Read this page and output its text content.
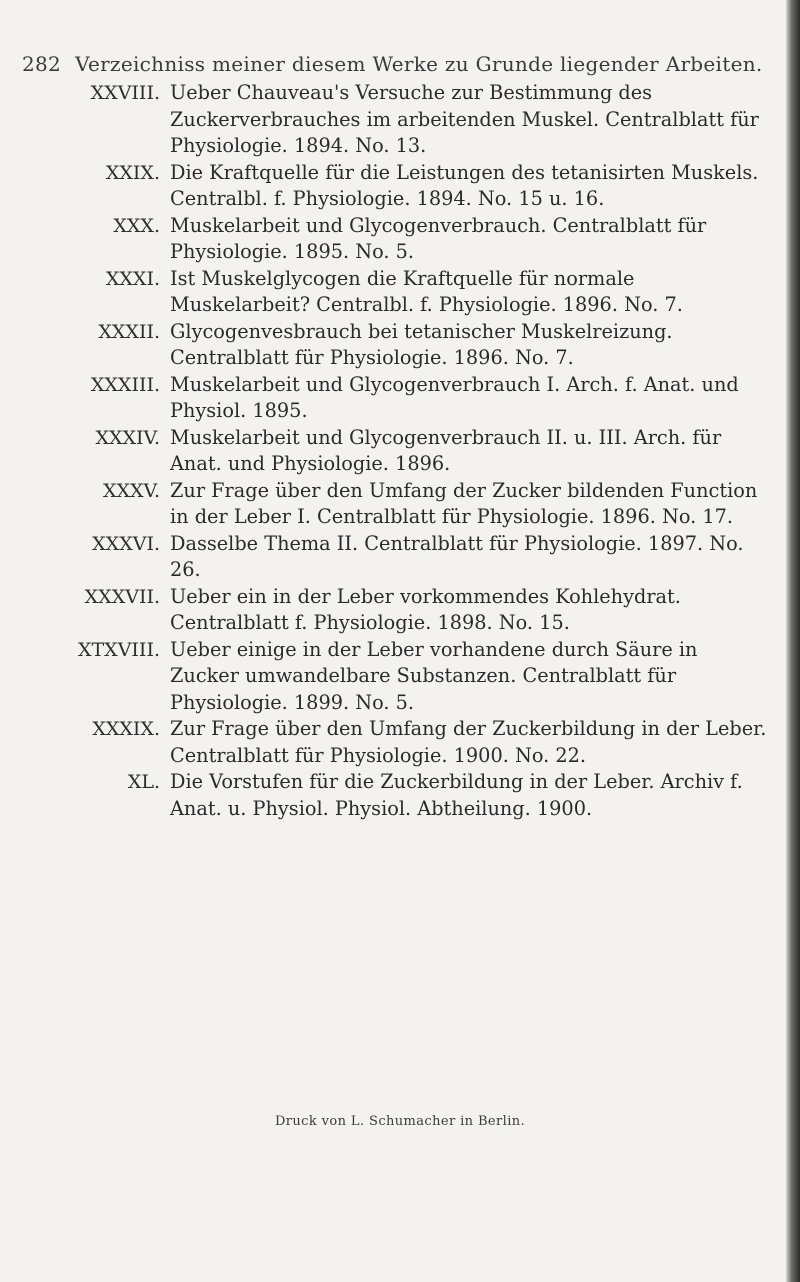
282 Verzeichniss meiner diesem Werke zu Grunde liegender Arbeiten.
XXVIII. Ueber Chauveau's Versuche zur Bestimmung des Zuckerverbrauches im arbeitenden Muskel. Centralblatt für Physiologie. 1894. No. 13.
XXIX. Die Kraftquelle für die Leistungen des tetanisirten Muskels. Centralbl. f. Physiologie. 1894. No. 15 u. 16.
XXX. Muskelarbeit und Glycogenverbrauch. Centralblatt für Physiologie. 1895. No. 5.
XXXI. Ist Muskelglycogen die Kraftquelle für normale Muskelarbeit? Centralbl. f. Physiologie. 1896. No. 7.
XXXII. Glycogenvesbrauch bei tetanischer Muskelreizung. Centralblatt für Physiologie. 1896. No. 7.
XXXIII. Muskelarbeit und Glycogenverbrauch I. Arch. f. Anat. und Physiol. 1895.
XXXIV. Muskelarbeit und Glycogenverbrauch II. u. III. Arch. für Anat. und Physiologie. 1896.
XXXV. Zur Frage über den Umfang der Zucker bildenden Function in der Leber I. Centralblatt für Physiologie. 1896. No. 17.
XXXVI. Dasselbe Thema II. Centralblatt für Physiologie. 1897. No. 26.
XXXVII. Ueber ein in der Leber vorkommendes Kohlehydrat. Centralblatt f. Physiologie. 1898. No. 15.
XTXVIII. Ueber einige in der Leber vorhandene durch Säure in Zucker umwandelbare Substanzen. Centralblatt für Physiologie. 1899. No. 5.
XXXIX. Zur Frage über den Umfang der Zuckerbildung in der Leber. Centralblatt für Physiologie. 1900. No. 22.
XL. Die Vorstufen für die Zuckerbildung in der Leber. Archiv f. Anat. u. Physiol. Physiol. Abtheilung. 1900.
Druck von L. Schumacher in Berlin.
